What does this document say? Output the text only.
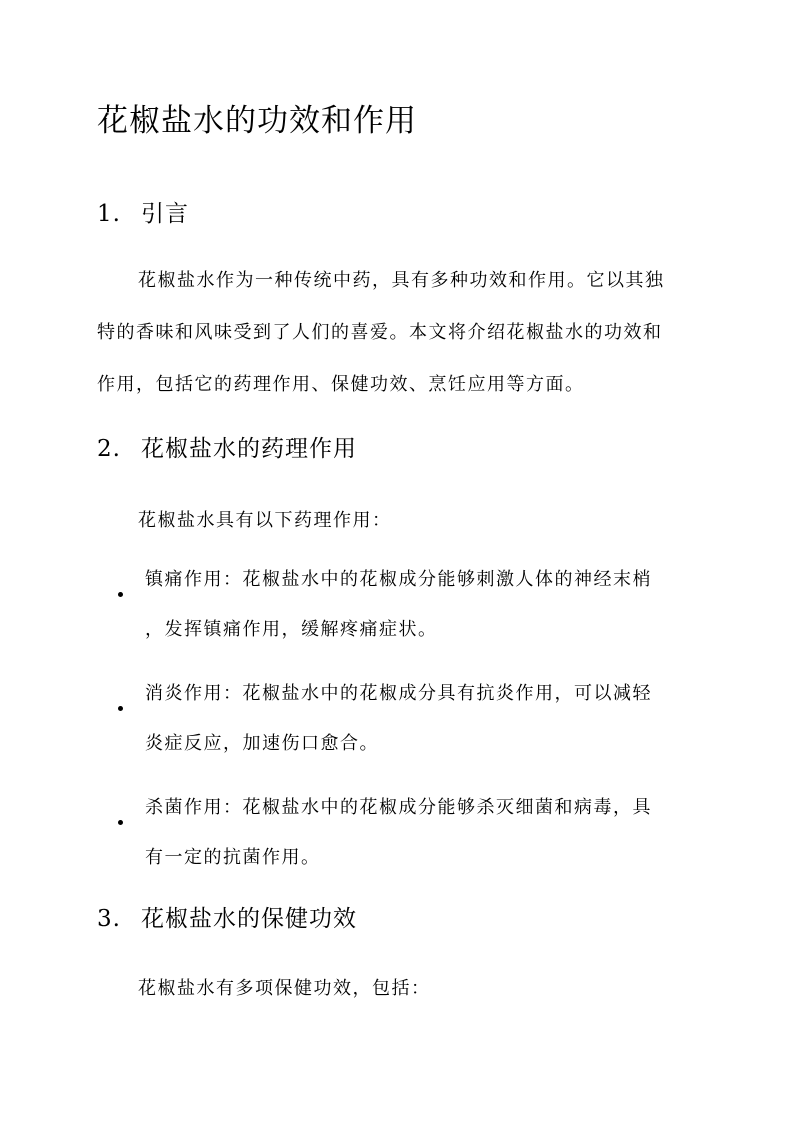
花椒盐水的功效和作用
1. 引言
花椒盐水作为一种传统中药，具有多种功效和作用。它以其独
特的香味和风味受到了人们的喜爱。本文将介绍花椒盐水的功效和
作用，包括它的药理作用、保健功效、烹饪应用等方面。
2. 花椒盐水的药理作用
花椒盐水具有以下药理作用：
镇痛作用：花椒盐水中的花椒成分能够刺激人体的神经末梢
，发挥镇痛作用，缓解疼痛症状。
消炎作用：花椒盐水中的花椒成分具有抗炎作用，可以减轻
炎症反应，加速伤口愈合。
杀菌作用：花椒盐水中的花椒成分能够杀灭细菌和病毒，具
有一定的抗菌作用。
3. 花椒盐水的保健功效
花椒盐水有多项保健功效，包括：
